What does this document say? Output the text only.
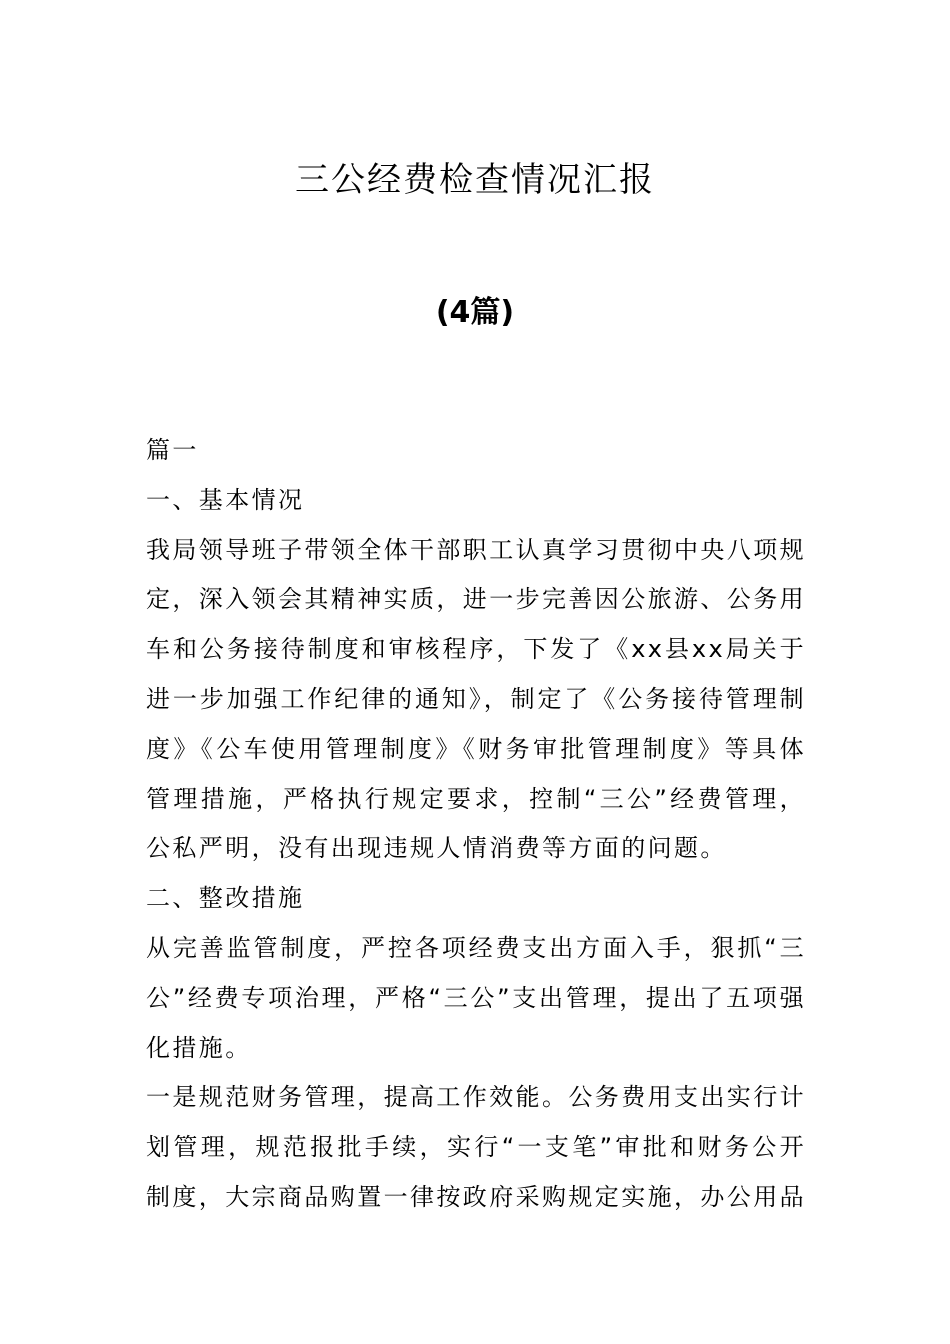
三公经费检查情况汇报
(4篇)

篇一

一、基本情况

我局领导班子带领全体干部职工认真学习贯彻中央八项规定，深入领会其精神实质，进一步完善因公旅游、公务用车和公务接待制度和审核程序，下发了《xx县xx局关于进一步加强工作纪律的通知》，制定了《公务接待管理制度》《公车使用管理制度》《财务审批管理制度》等具体管理措施，严格执行规定要求，控制“三公”经费管理，公私严明，没有出现违规人情消费等方面的问题。

二、整改措施

从完善监管制度，严控各项经费支出方面入手，狠抓“三公”经费专项治理，严格“三公”支出管理，提出了五项强化措施。

一是规范财务管理，提高工作效能。公务费用支出实行计划管理，规范报批手续，实行“一支笔”审批和财务公开制度，大宗商品购置一律按政府采购规定实施，办公用品
